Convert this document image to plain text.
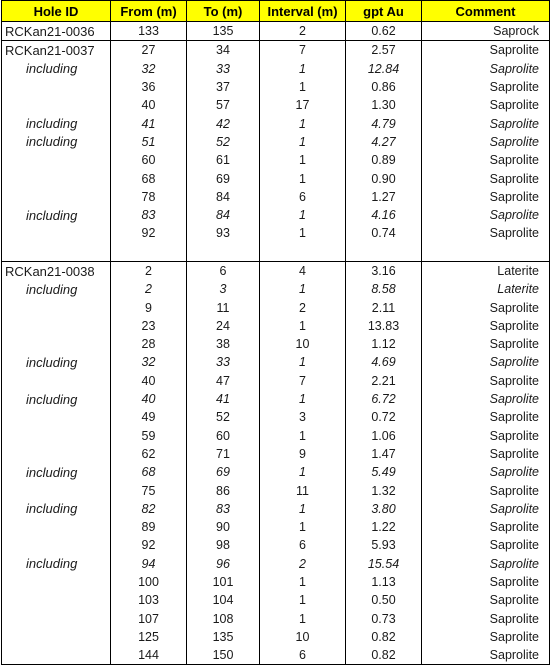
Hole ID	From (m)	To (m)	Interval (m)	gpt Au	Comment
RCKan21-0036	133	135	2	0.62	Saprock
RCKan21-0037	27	34	7	2.57	Saprolite
including	32	33	1	12.84	Saprolite
	36	37	1	0.86	Saprolite
	40	57	17	1.30	Saprolite
including	41	42	1	4.79	Saprolite
including	51	52	1	4.27	Saprolite
	60	61	1	0.89	Saprolite
	68	69	1	0.90	Saprolite
	78	84	6	1.27	Saprolite
including	83	84	1	4.16	Saprolite
	92	93	1	0.74	Saprolite

RCKan21-0038	2	6	4	3.16	Laterite
including	2	3	1	8.58	Laterite
	9	11	2	2.11	Saprolite
	23	24	1	13.83	Saprolite
	28	38	10	1.12	Saprolite
including	32	33	1	4.69	Saprolite
	40	47	7	2.21	Saprolite
including	40	41	1	6.72	Saprolite
	49	52	3	0.72	Saprolite
	59	60	1	1.06	Saprolite
	62	71	9	1.47	Saprolite
including	68	69	1	5.49	Saprolite
	75	86	11	1.32	Saprolite
including	82	83	1	3.80	Saprolite
	89	90	1	1.22	Saprolite
	92	98	6	5.93	Saprolite
including	94	96	2	15.54	Saprolite
	100	101	1	1.13	Saprolite
	103	104	1	0.50	Saprolite
	107	108	1	0.73	Saprolite
	125	135	10	0.82	Saprolite
	144	150	6	0.82	Saprolite
